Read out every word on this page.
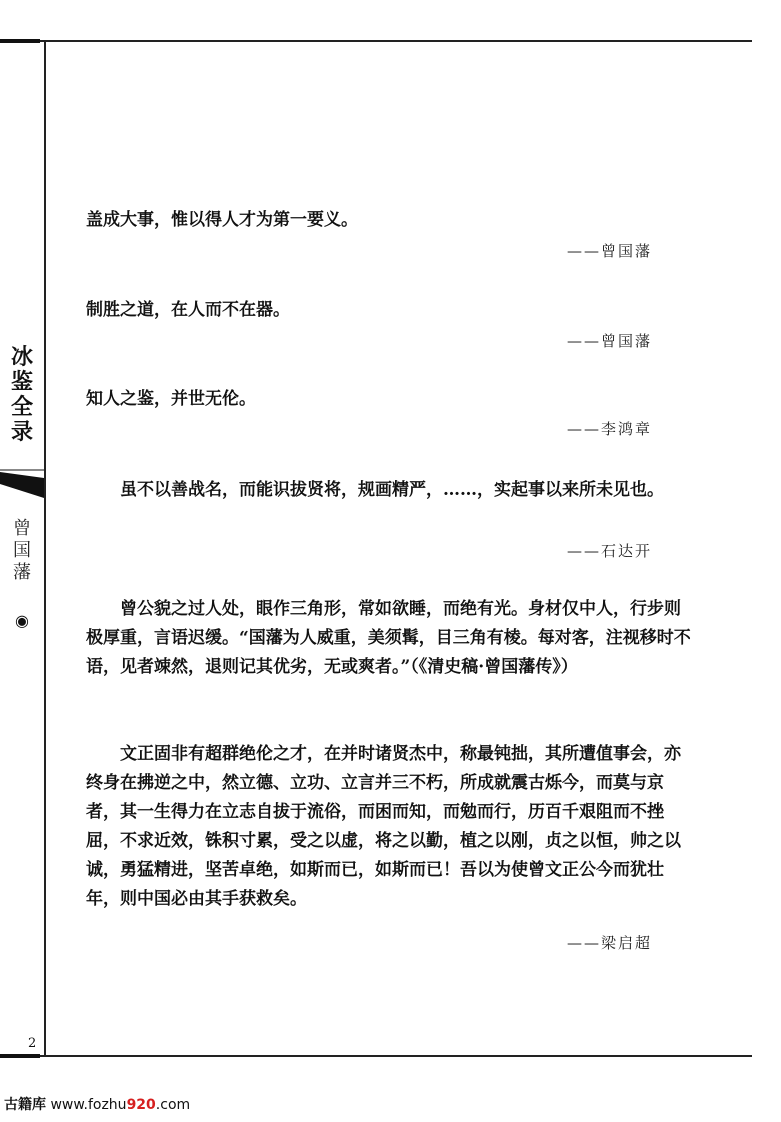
冰
鉴
全
录
曾
国
藩
◉
盖成大事，惟以得人才为第一要义。
——曾国藩
制胜之道，在人而不在器。
——曾国藩
知人之鉴，并世无伦。
——李鸿章
虽不以善战名，而能识拔贤将，规画精严，……，实起事以来所未见也。
——石达开
曾公貌之过人处，眼作三角形，常如欲睡，而绝有光。身材仅中人，行步则极厚重，言语迟缓。“国藩为人威重，美须髯，目三角有棱。每对客，注视移时不语，见者竦然，退则记其优劣，无或爽者。”（《清史稿·曾国藩传》）
文正固非有超群绝伦之才，在并时诸贤杰中，称最钝拙，其所遭值事会，亦终身在拂逆之中，然立德、立功、立言并三不朽，所成就震古烁今，而莫与京者，其一生得力在立志自拔于流俗，而困而知，而勉而行，历百千艰阻而不挫屈，不求近效，铢积寸累，受之以虚，将之以勤，植之以刚，贞之以恒，帅之以诚，勇猛精进，坚苦卓绝，如斯而已，如斯而已！吾以为使曾文正公今而犹壮年，则中国必由其手获救矣。
——梁启超
2
古籍库 www.fozhu920.com
